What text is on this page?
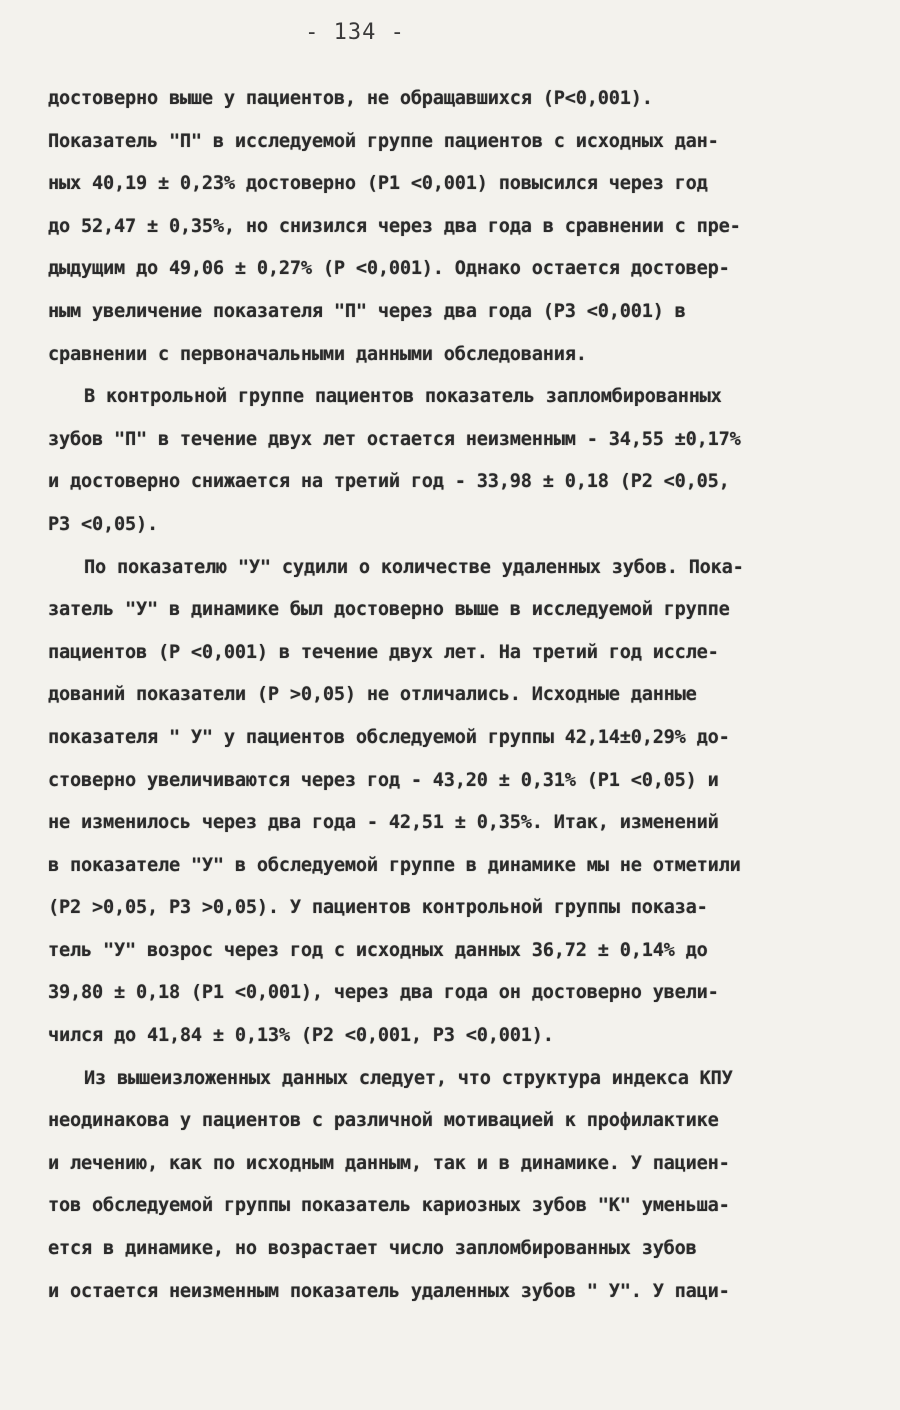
- 134 -
достоверно выше у пациентов, не обращавшихся (Р<0,001).
Показатель "П" в исследуемой группе пациентов с исходных дан-
ных 40,19 ± 0,23% достоверно (Р1 <0,001) повысился через год
до 52,47 ± 0,35%, но снизился через два года в сравнении с пре-
дыдущим до 49,06 ± 0,27% (Р <0,001). Однако остается достовер-
ным увеличение показателя "П" через два года (Р3 <0,001) в
сравнении с первоначальными данными обследования.
В контрольной группе пациентов показатель запломбированных
зубов "П" в течение двух лет остается неизменным - 34,55 ±0,17%
и достоверно снижается на третий год - 33,98 ± 0,18 (Р2 <0,05,
Р3 <0,05).
По показателю "У" судили о количестве удаленных зубов. Пока-
затель "У" в динамике был достоверно выше в исследуемой группе
пациентов (Р <0,001) в течение двух лет. На третий год иссле-
дований показатели (Р >0,05) не отличались. Исходные данные
показателя " У" у пациентов обследуемой группы 42,14±0,29% до-
стоверно увеличиваются через год - 43,20 ± 0,31% (Р1 <0,05) и
не изменилось через два года - 42,51 ± 0,35%. Итак, изменений
в показателе "У" в обследуемой группе в динамике мы не отметили
(Р2 >0,05, Р3 >0,05). У пациентов контрольной группы показа-
тель "У" возрос через год с исходных данных 36,72 ± 0,14% до
39,80 ± 0,18 (Р1 <0,001), через два года он достоверно увели-
чился до 41,84 ± 0,13% (Р2 <0,001, Р3 <0,001).
Из вышеизложенных данных следует, что структура индекса КПУ
неодинакова у пациентов с различной мотивацией к профилактике
и лечению, как по исходным данным, так и в динамике. У пациен-
тов обследуемой группы показатель кариозных зубов "К" уменьша-
ется в динамике, но возрастает число запломбированных зубов
и остается неизменным показатель удаленных зубов " У". У паци-
